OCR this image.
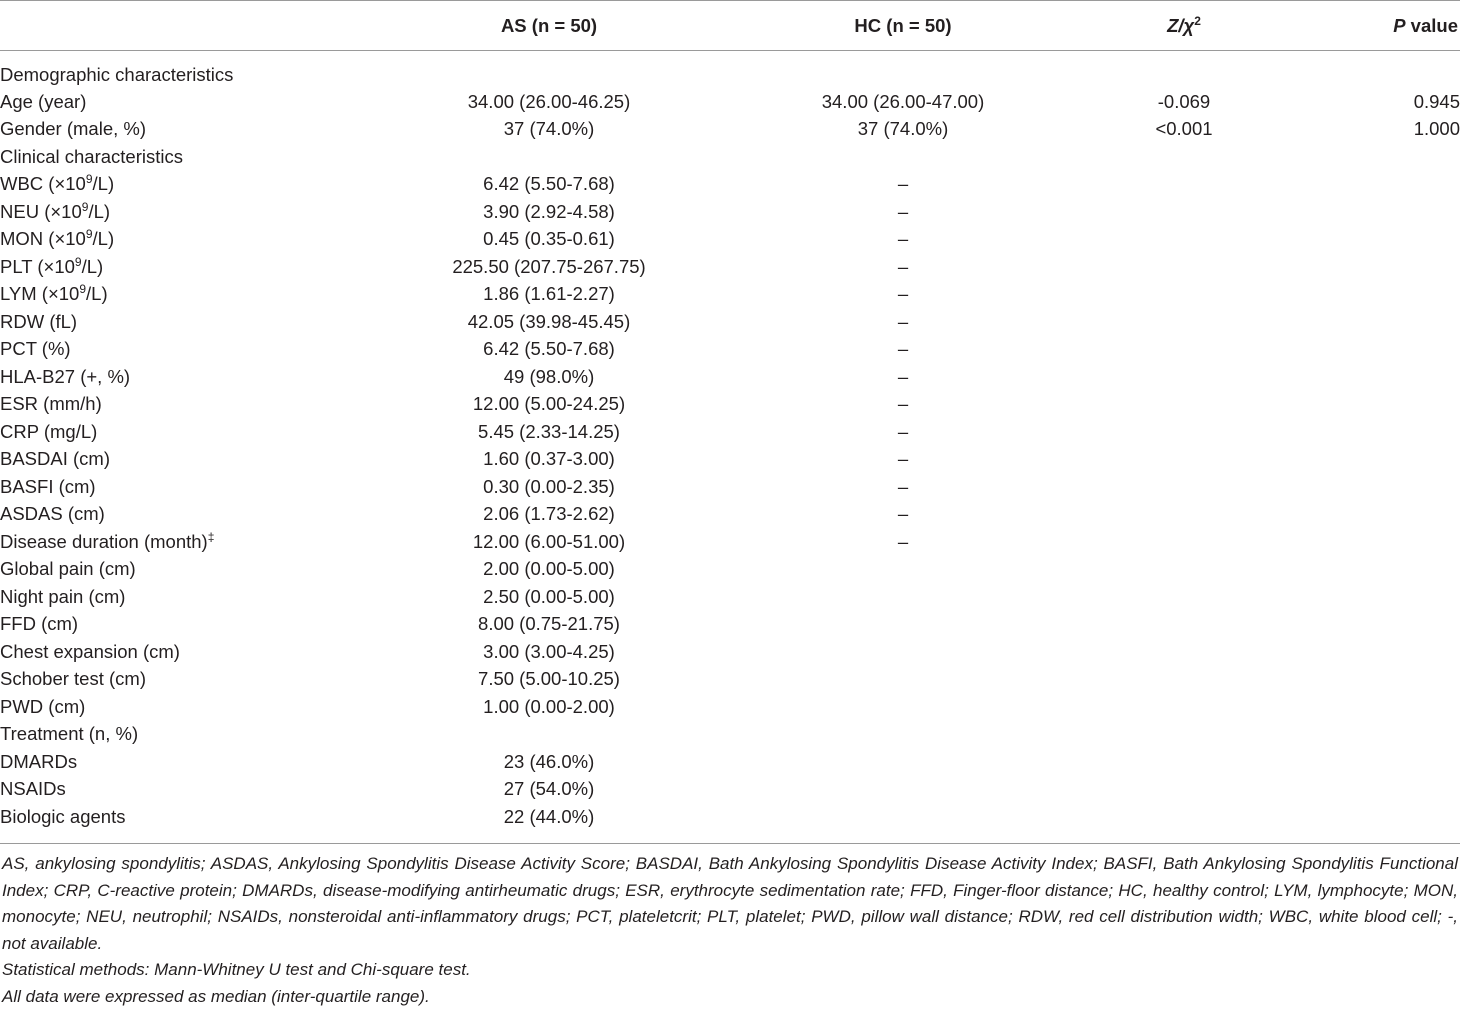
	AS (n = 50)	HC (n = 50)	$Z/\chi^2$	P value
Demographic characteristics				
Age (year)	34.00 (26.00-46.25)	34.00 (26.00-47.00)	-0.069	0.945
Gender (male, %)	37 (74.0%)	37 (74.0%)	<0.001	1.000
Clinical characteristics				
WBC $(\times 10^9/L)$	6.42 (5.50-7.68)	–		
NEU $(\times 10^9/L)$	3.90 (2.92-4.58)	–		
MON $(\times 10^9/L)$	0.45 (0.35-0.61)	–		
PLT $(\times 10^9/L)$	225.50 (207.75-267.75)	–		
LYM $(\times 10^9/L)$	1.86 (1.61-2.27)	–		
RDW (fL)	42.05 (39.98-45.45)	–		
PCT (%)	6.42 (5.50-7.68)	–		
HLA-B27 (+, %)	49 (98.0%)	–		
ESR (mm/h)	12.00 (5.00-24.25)	–		
CRP (mg/L)	5.45 (2.33-14.25)	–		
BASDAI (cm)	1.60 (0.37-3.00)	–		
BASFI (cm)	0.30 (0.00-2.35)	–		
ASDAS (cm)	2.06 (1.73-2.62)	–		
Disease duration (month)‡	12.00 (6.00-51.00)	–		
Global pain (cm)	2.00 (0.00-5.00)			
Night pain (cm)	2.50 (0.00-5.00)			
FFD (cm)	8.00 (0.75-21.75)			
Chest expansion (cm)	3.00 (3.00-4.25)			
Schober test (cm)	7.50 (5.00-10.25)			
PWD (cm)	1.00 (0.00-2.00)			
Treatment (n, %)				
DMARDs	23 (46.0%)			
NSAIDs	27 (54.0%)			
Biologic agents	22 (44.0%)			

AS, ankylosing spondylitis; ASDAS, Ankylosing Spondylitis Disease Activity Score; BASDAI, Bath Ankylosing Spondylitis Disease Activity Index; BASFI, Bath Ankylosing Spondylitis Functional Index; CRP, C-reactive protein; DMARDs, disease-modifying antirheumatic drugs; ESR, erythrocyte sedimentation rate; FFD, Finger-floor distance; HC, healthy control; LYM, lymphocyte; MON, monocyte; NEU, neutrophil; NSAIDs, nonsteroidal anti-inflammatory drugs; PCT, plateletcrit; PLT, platelet; PWD, pillow wall distance; RDW, red cell distribution width; WBC, white blood cell; -, not available.

Statistical methods: Mann-Whitney U test and Chi-square test.

All data were expressed as median (inter-quartile range).
